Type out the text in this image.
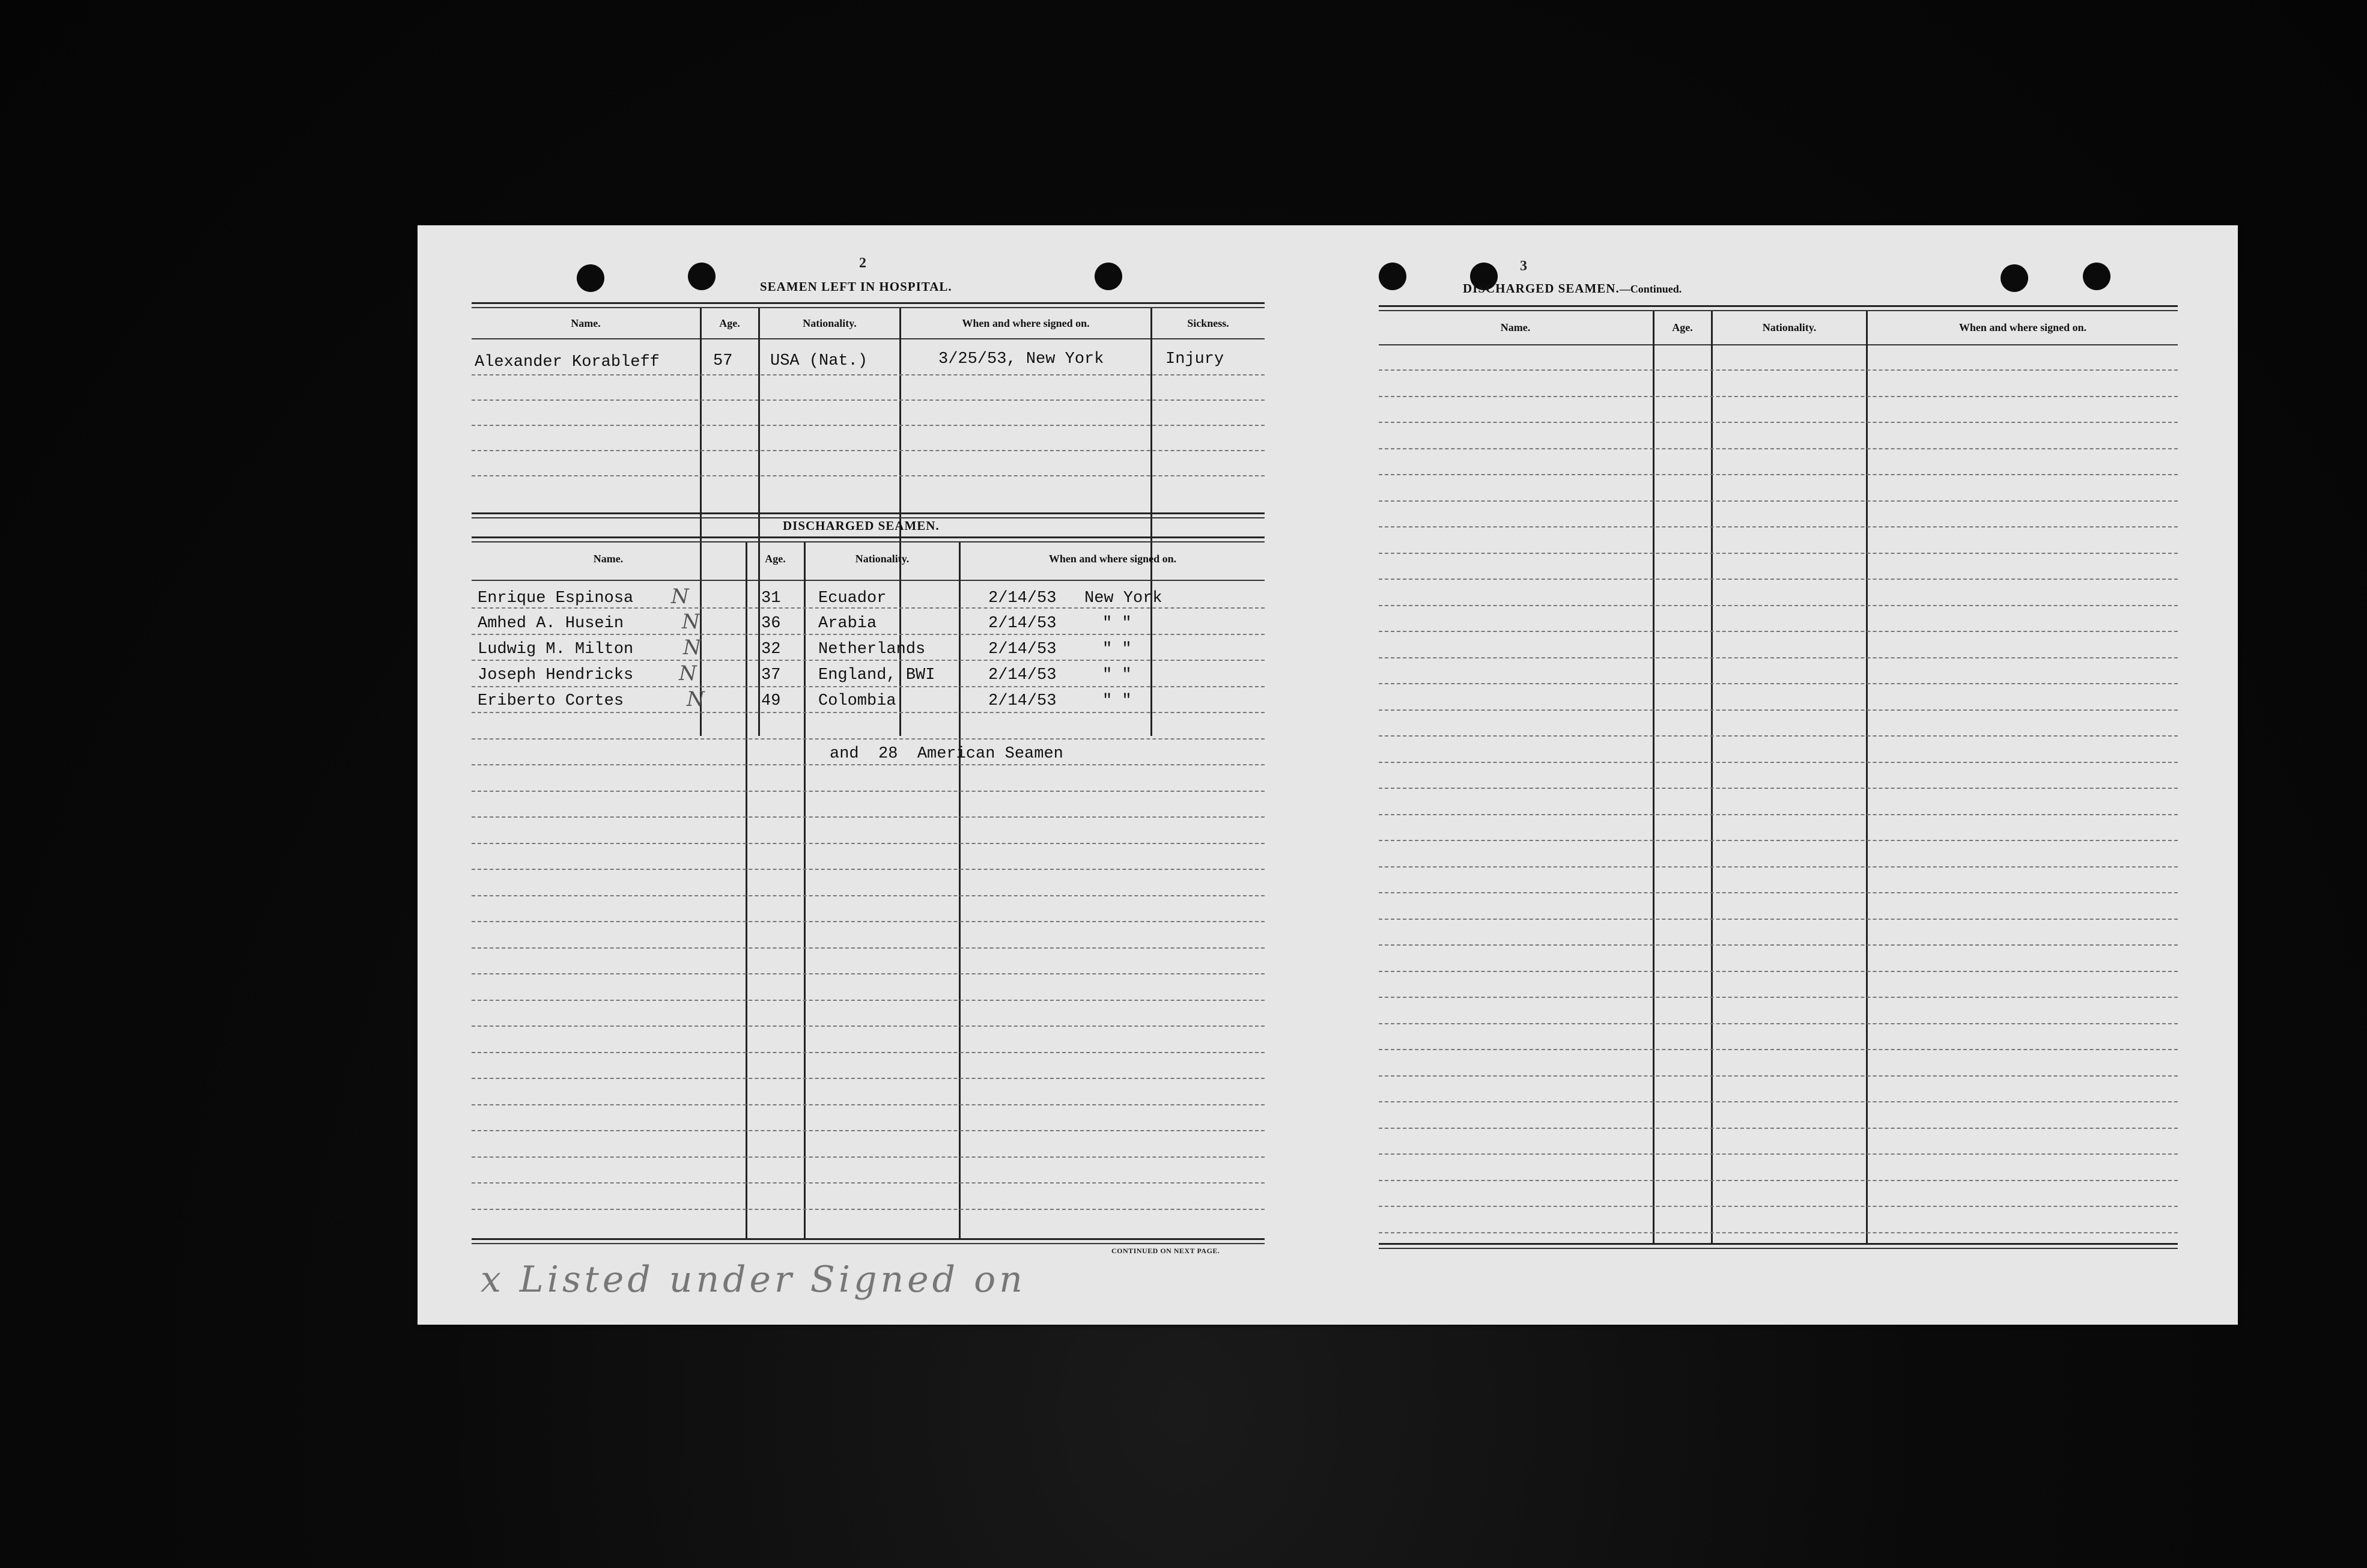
2
SEAMEN LEFT IN HOSPITAL.
Name.	Age.	Nationality.	When and where signed on.	Sickness.
Alexander Korableff	57 USA (Nat.)	3/25/53, New York	Injury
DISCHARGED SEAMEN.
Name.	Age.	Nationality.	When and where signed on.
Enrique Espinosa N	31 Ecuador	2/14/53 New York
Amhed A. Husein	N	36 Arabia	2/14/53	" "
Ludwig M. Milton N	32 Netherlands	2/14/53	" "
Joseph Hendricks N	37 England, BWI	2/14/53	" "
Eriberto Cortes	N	49 Colombia	2/14/53	" "
and  28  American Seamen
CONTINUED ON NEXT PAGE.
x Listed under Signed on
3
DISCHARGED SEAMEN.—Continued.
Name.	Age.	Nationality.	When and where signed on.
